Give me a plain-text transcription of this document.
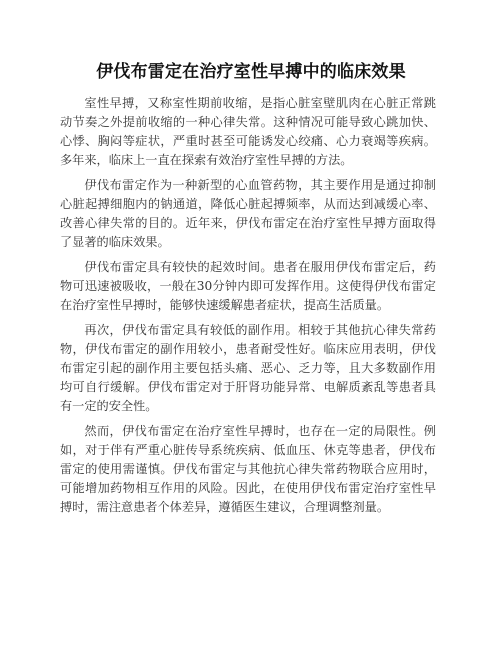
伊伐布雷定在治疗室性早搏中的临床效果

室性早搏，又称室性期前收缩，是指心脏室壁肌肉在心脏正常跳动节奏之外提前收缩的一种心律失常。这种情况可能导致心跳加快、心悸、胸闷等症状，严重时甚至可能诱发心绞痛、心力衰竭等疾病。多年来，临床上一直在探索有效治疗室性早搏的方法。

伊伐布雷定作为一种新型的心血管药物，其主要作用是通过抑制心脏起搏细胞内的钠通道，降低心脏起搏频率，从而达到减缓心率、改善心律失常的目的。近年来，伊伐布雷定在治疗室性早搏方面取得了显著的临床效果。

伊伐布雷定具有较快的起效时间。患者在服用伊伐布雷定后，药物可迅速被吸收，一般在30分钟内即可发挥作用。这使得伊伐布雷定在治疗室性早搏时，能够快速缓解患者症状，提高生活质量。

再次，伊伐布雷定具有较低的副作用。相较于其他抗心律失常药物，伊伐布雷定的副作用较小，患者耐受性好。临床应用表明，伊伐布雷定引起的副作用主要包括头痛、恶心、乏力等，且大多数副作用均可自行缓解。伊伐布雷定对于肝肾功能异常、电解质紊乱等患者具有一定的安全性。

然而，伊伐布雷定在治疗室性早搏时，也存在一定的局限性。例如，对于伴有严重心脏传导系统疾病、低血压、休克等患者，伊伐布雷定的使用需谨慎。伊伐布雷定与其他抗心律失常药物联合应用时，可能增加药物相互作用的风险。因此，在使用伊伐布雷定治疗室性早搏时，需注意患者个体差异，遵循医生建议，合理调整剂量。
